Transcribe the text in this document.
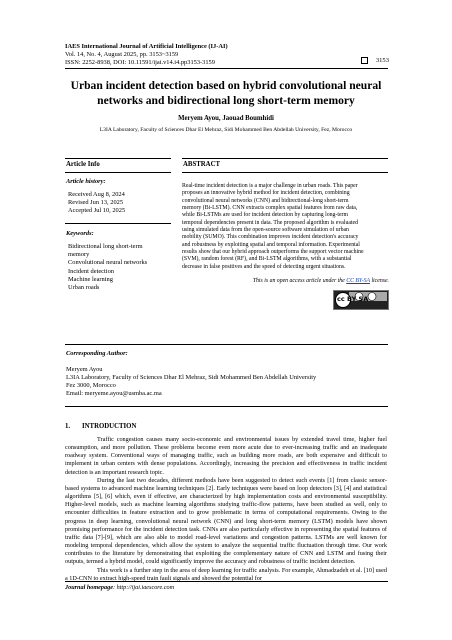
IAES International Journal of Artificial Intelligence (IJ-AI)
Vol. 14, No. 4, August 2025, pp. 3153~3159
ISSN: 2252-8938, DOI: 10.11591/ijai.v14.i4.pp3153-3159	3153
Urban incident detection based on hybrid convolutional neural
networks and bidirectional long short-term memory
Meryem Ayou, Jaouad Boumhidi
L3IA Laboratory, Faculty of Sciences Dhar El Mehraz, Sidi Mohammed Ben Abdellah University, Fez, Morocco
Article Info	ABSTRACT
Article history:
Received Aug 8, 2024
Revised Jun 13, 2025
Accepted Jul 10, 2025
Keywords:
Bidirectional long short-term
memory
Convolutional neural networks
Incident detection
Machine learning
Urban roads
Real-time incident detection is a major challenge in urban roads. This paper
proposes an innovative hybrid method for incident detection, combining
convolutional neural networks (CNN) and bidirectional-long short-term
memory (Bi-LSTM). CNN extracts complex spatial features from raw data,
while Bi-LSTMs are used for incident detection by capturing long-term
temporal dependencies present in data. The proposed algorithm is evaluated
using simulated data from the open-source software simulation of urban
mobility (SUMO). This combination improves incident detection's accuracy
and robustness by exploiting spatial and temporal information. Experimental
results show that our hybrid approach outperforms the support vector machine
(SVM), random forest (RF), and Bi-LSTM algorithms, with a substantial
decrease in false positives and the speed of detecting urgent situations.
This is an open access article under the CC BY-SA license.
cc BY SA
Corresponding Author:
Meryem Ayou
L3IA Laboratory, Faculty of Sciences Dhar El Mehraz, Sidi Mohammed Ben Abdellah University
Fez 3000, Morocco
Email: meryeme.ayou@usmba.ac.ma
1.       INTRODUCTION

Traffic congestion causes many socio-economic and environmental issues by extended travel time, higher fuel consumption, and more pollution. These problems become even more acute due to ever-increasing traffic and an inadequate roadway system. Conventional ways of managing traffic, such as building more roads, are both expensive and difficult to implement in urban centers with dense populations. Accordingly, increasing the precision and effectiveness in traffic incident detection is an important research topic.

During the last two decades, different methods have been suggested to detect such events [1] from classic sensor-based systems to advanced machine learning techniques [2]. Early techniques were based on loop detectors [3], [4] and statistical algorithms [5], [6] which, even if effective, are characterized by high implementation costs and environmental susceptibility. Higher-level models, such as machine learning algorithms studying traffic-flow patterns, have been studied as well, only to encounter difficulties in feature extraction and to grow problematic in terms of computational requirements. Owing to the progress in deep learning, convolutional neural network (CNN) and long short-term memory (LSTM) models have shown promising performance for the incident detection task. CNNs are also particularly effective in representing the spatial features of traffic data [7]-[9], which are also able to model road-level variations and congestion patterns. LSTMs are well known for modeling temporal dependencies, which allow the system to analyze the sequential traffic fluctuation through time. Our work contributes to the literature by demonstrating that exploiting the complementary nature of CNN and LSTM and fusing their outputs, termed a hybrid model, could significantly improve the accuracy and robustness of traffic incident detection.

This work is a further step in the area of deep learning for traffic analysis. For example, Ahmadzadeh et al. [10] used a 1D-CNN to extract high-speed train fault signals and showed the potential for

Journal homepage: http://ijai.iaescore.com
